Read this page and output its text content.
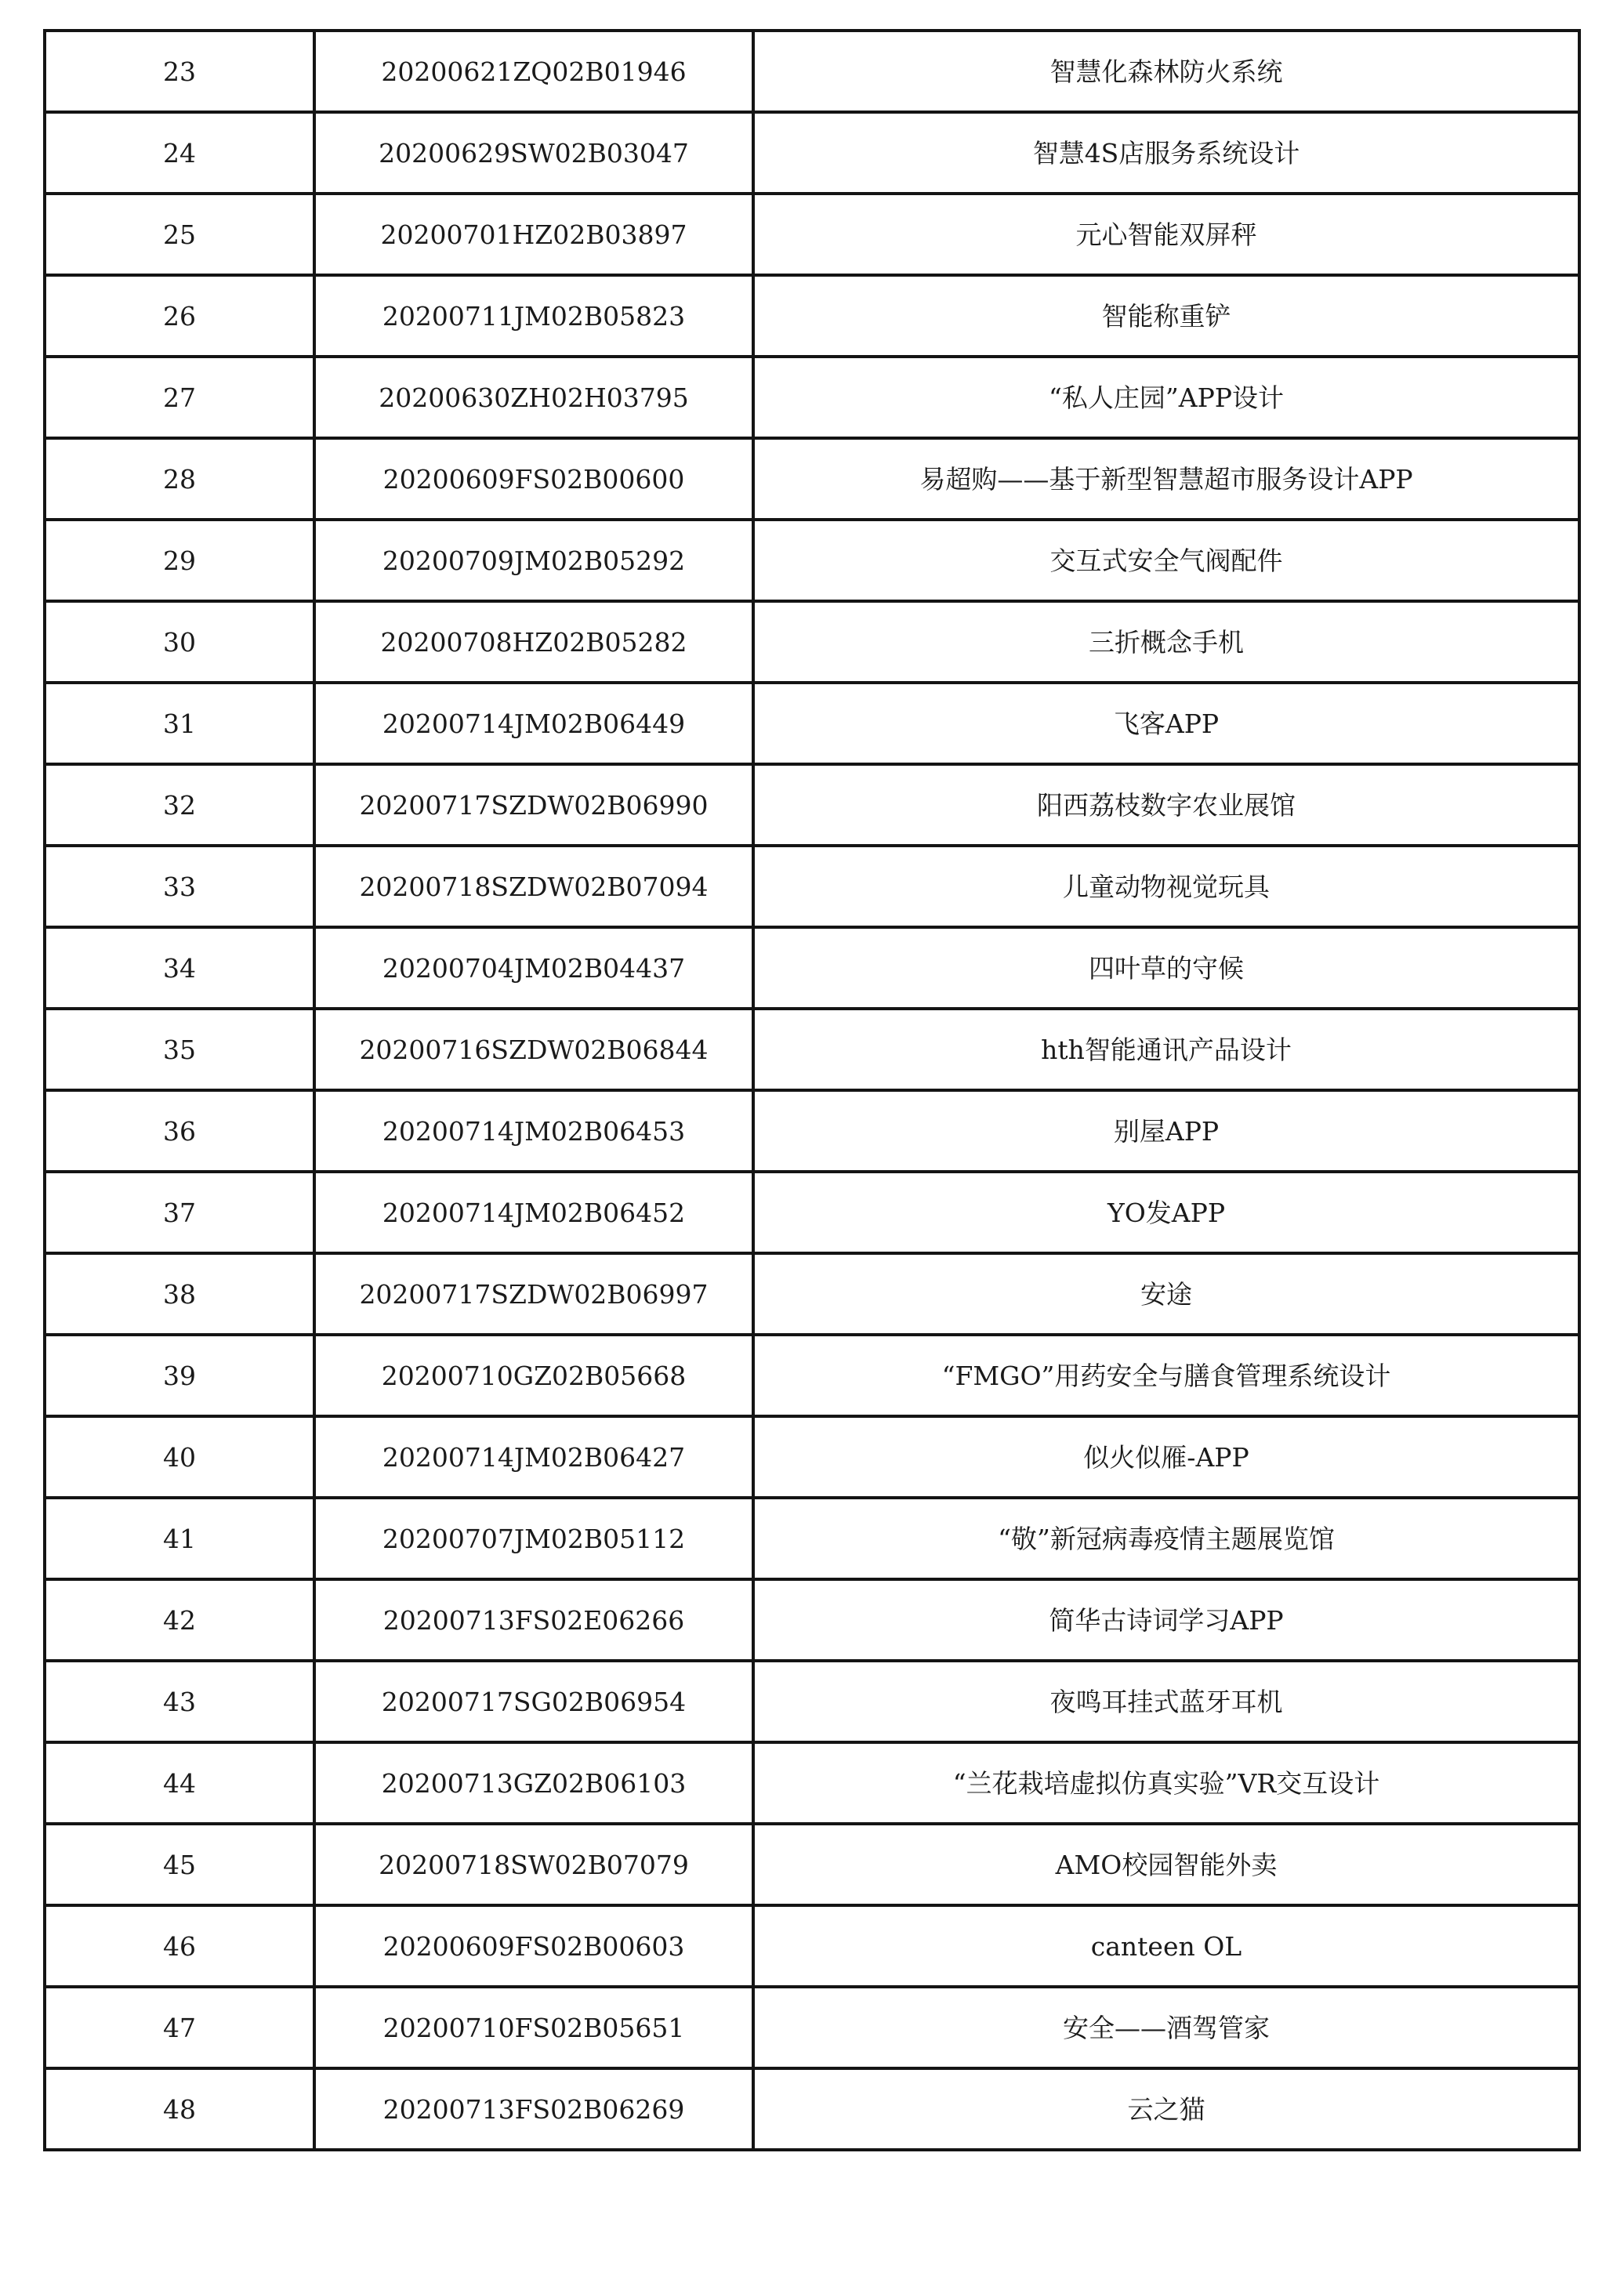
23	20200621ZQ02B01946	智慧化森林防火系统
24	20200629SW02B03047	智慧4S店服务系统设计
25	20200701HZ02B03897	元心智能双屏秤
26	20200711JM02B05823	智能称重铲
27	20200630ZH02H03795	“私人庄园”APP设计
28	20200609FS02B00600	易超购——基于新型智慧超市服务设计APP
29	20200709JM02B05292	交互式安全气阀配件
30	20200708HZ02B05282	三折概念手机
31	20200714JM02B06449	飞客APP
32	20200717SZDW02B06990	阳西荔枝数字农业展馆
33	20200718SZDW02B07094	儿童动物视觉玩具
34	20200704JM02B04437	四叶草的守候
35	20200716SZDW02B06844	hth智能通讯产品设计
36	20200714JM02B06453	别屋APP
37	20200714JM02B06452	YO发APP
38	20200717SZDW02B06997	安途
39	20200710GZ02B05668	“FMGO”用药安全与膳食管理系统设计
40	20200714JM02B06427	似火似雁-APP
41	20200707JM02B05112	“敬”新冠病毒疫情主题展览馆
42	20200713FS02E06266	简华古诗词学习APP
43	20200717SG02B06954	夜鸣耳挂式蓝牙耳机
44	20200713GZ02B06103	“兰花栽培虚拟仿真实验”VR交互设计
45	20200718SW02B07079	AMO校园智能外卖
46	20200609FS02B00603	canteen OL
47	20200710FS02B05651	安全——酒驾管家
48	20200713FS02B06269	云之猫
